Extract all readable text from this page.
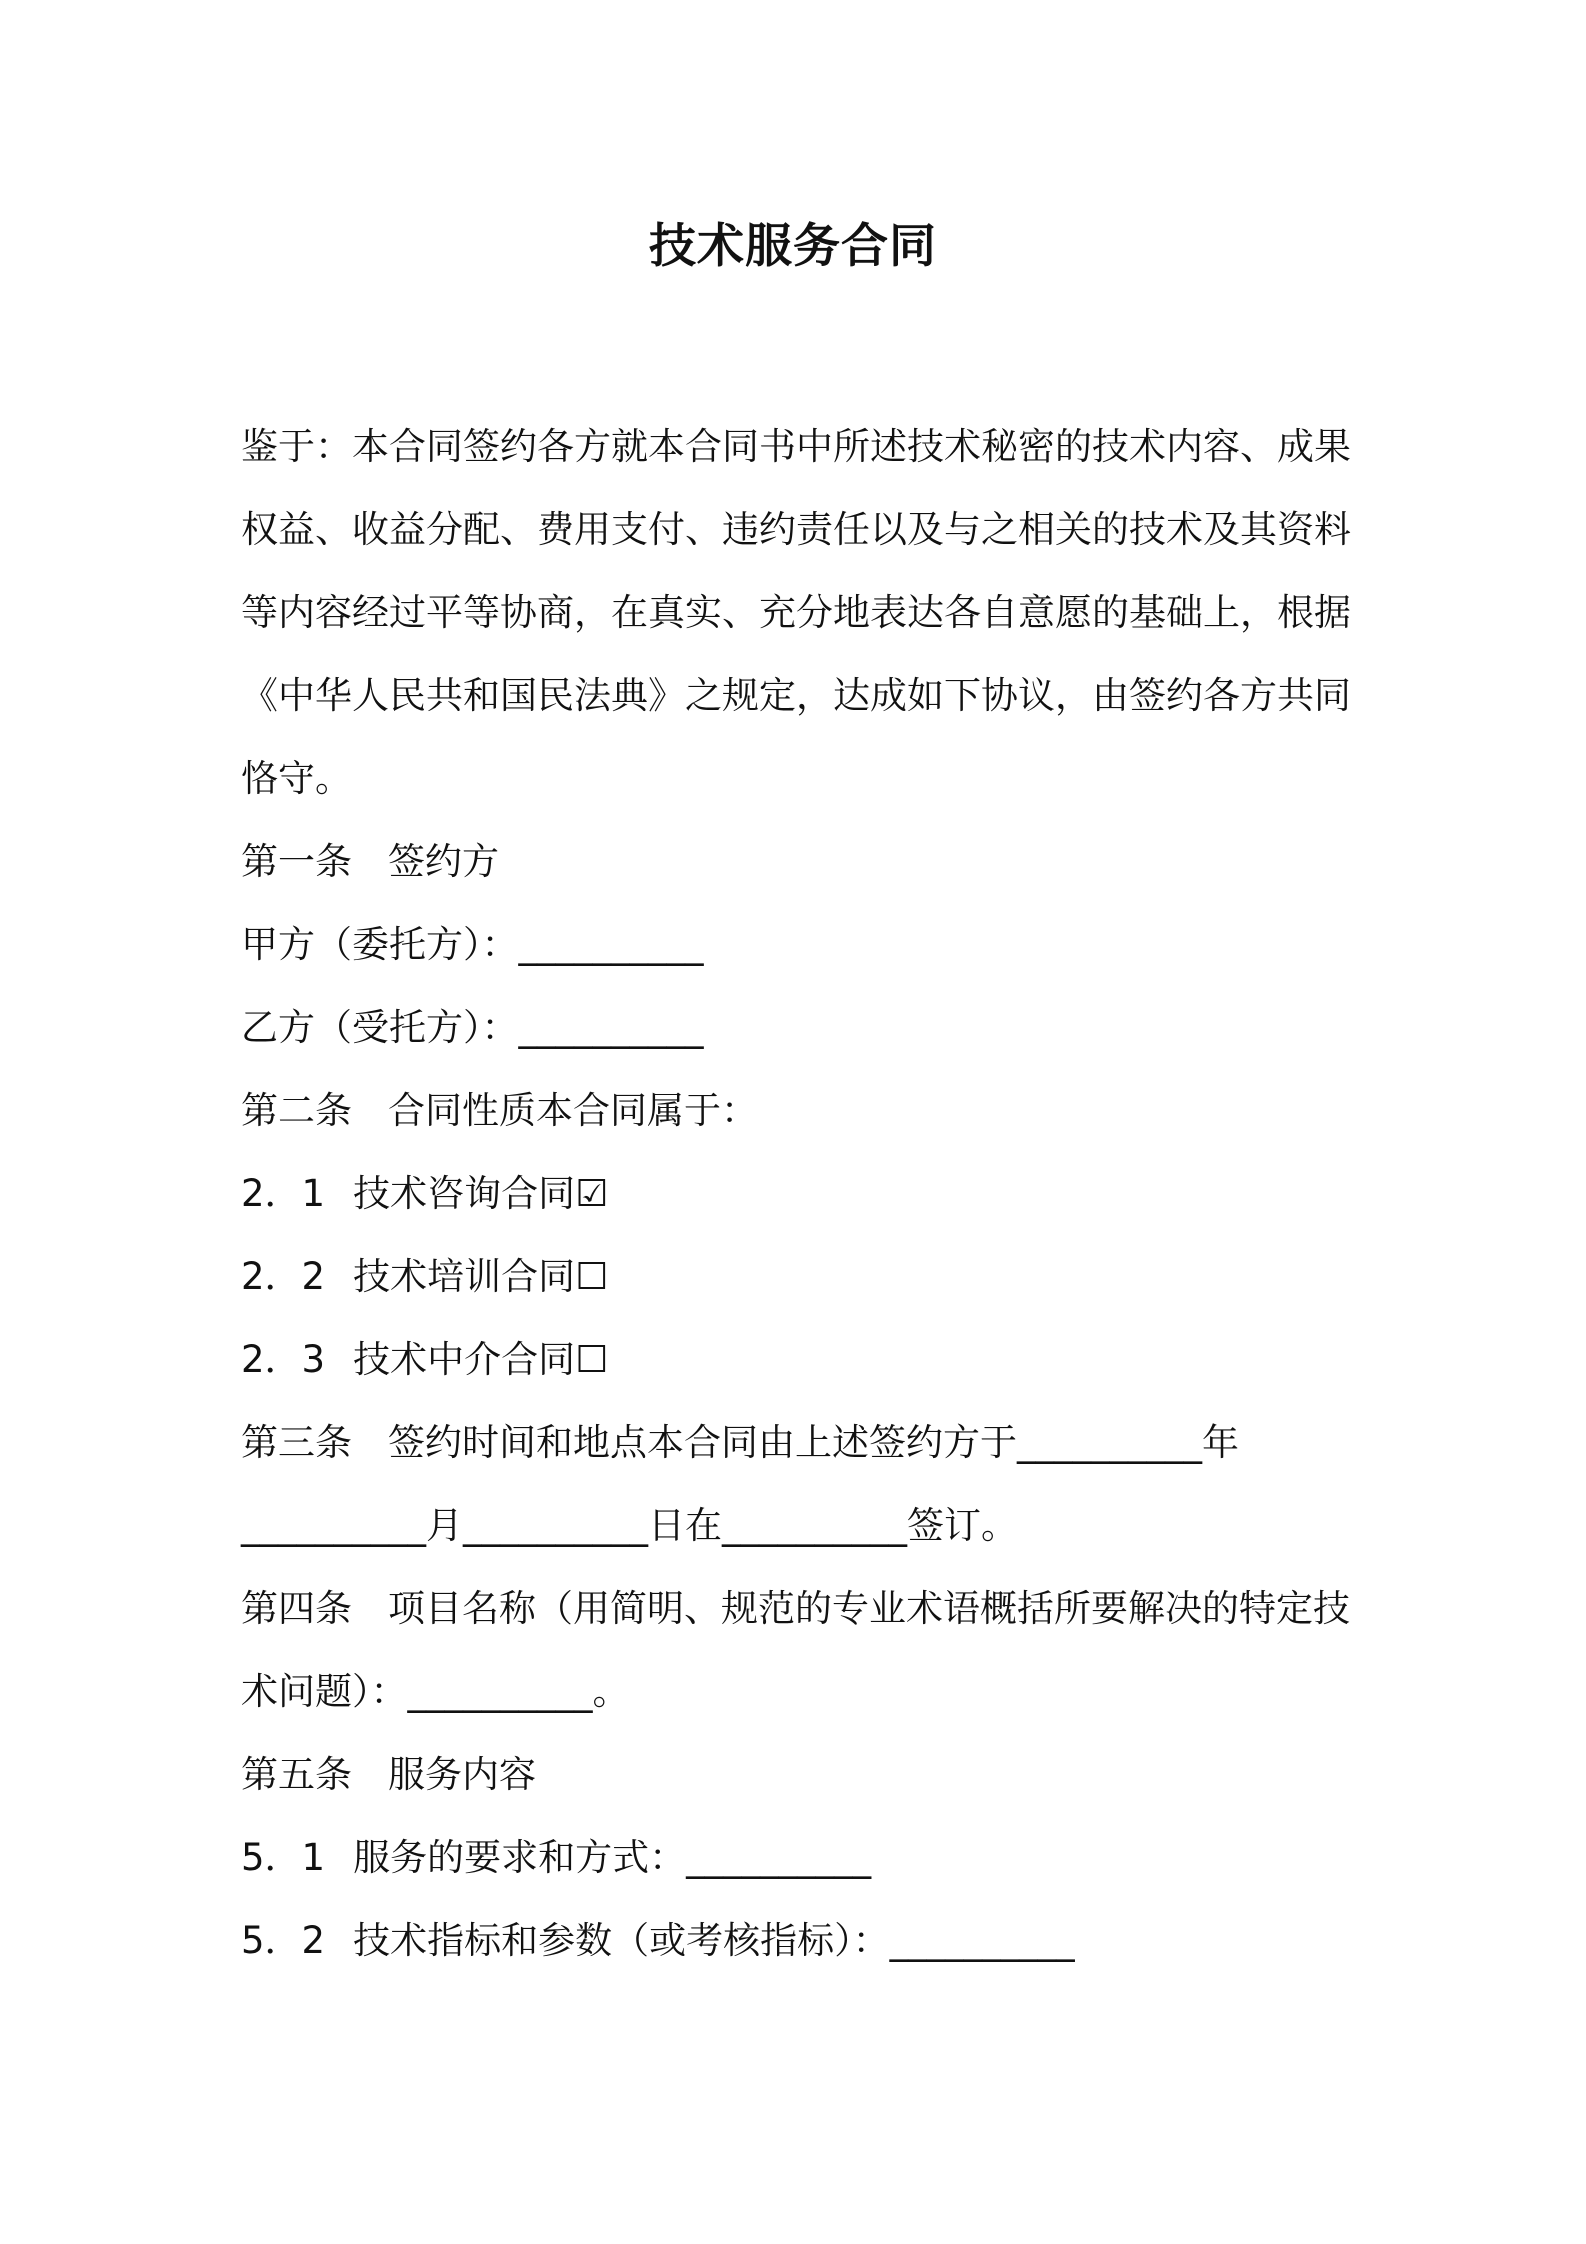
技术服务合同
鉴于：本合同签约各方就本合同书中所述技术秘密的技术内容、成果
权益、收益分配、费用支付、违约责任以及与之相关的技术及其资料
等内容经过平等协商，在真实、充分地表达各自意愿的基础上，根据
《中华人民共和国民法典》之规定，达成如下协议，由签约各方共同
恪守。
第一条 签约方
甲方（委托方）：__________
乙方（受托方）：__________
第二条 合同性质本合同属于：
2．1 技术咨询合同☑
2．2 技术培训合同☐
2．3 技术中介合同☐
第三条 签约时间和地点本合同由上述签约方于__________年
__________月__________日在__________签订。
第四条 项目名称（用简明、规范的专业术语概括所要解决的特定技
术问题）：__________。
第五条 服务内容
5．1 服务的要求和方式：__________
5．2 技术指标和参数（或考核指标）：__________
